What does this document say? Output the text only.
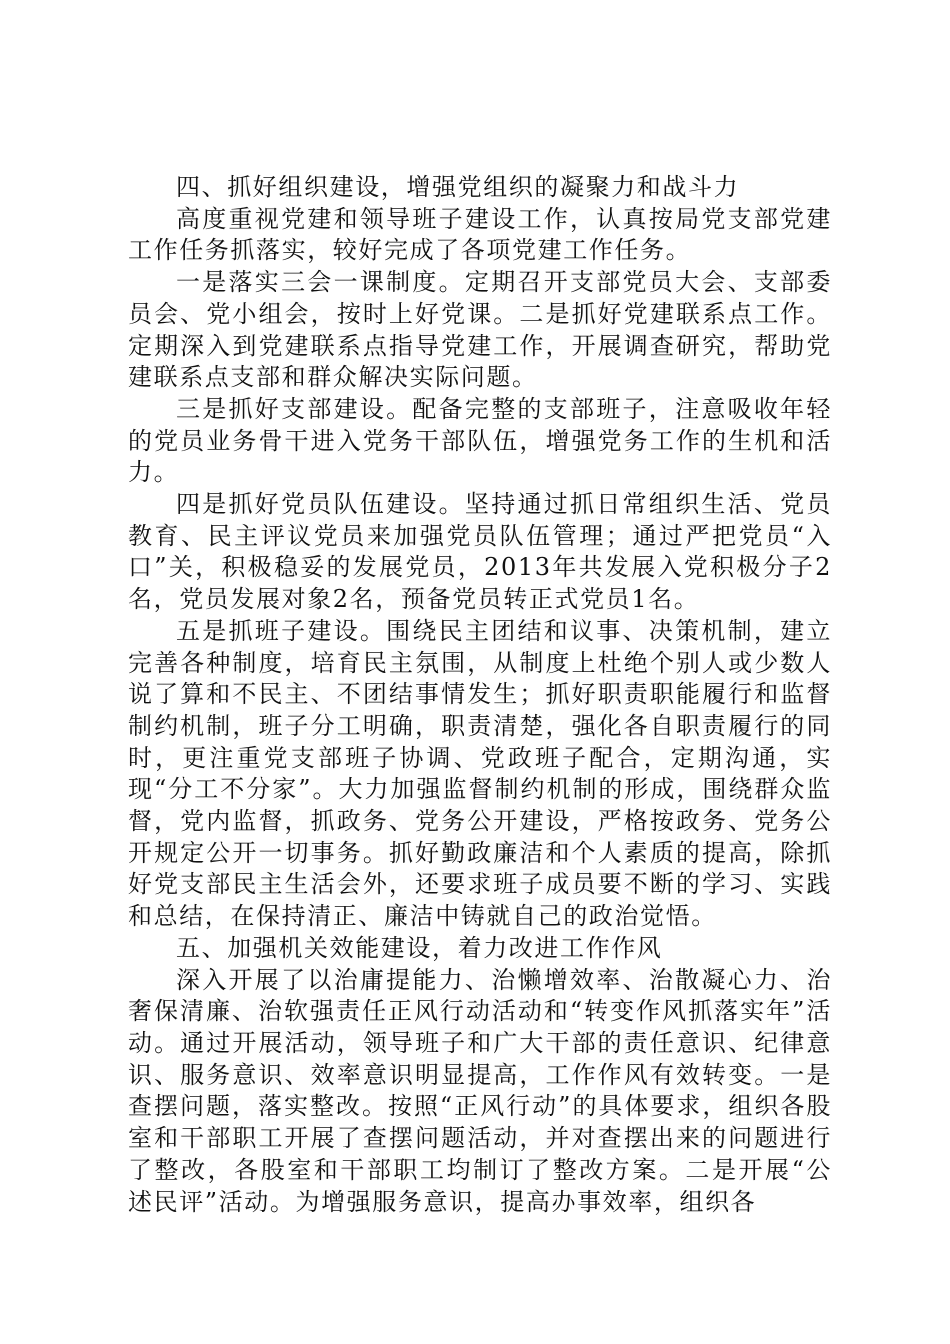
四、抓好组织建设，增强党组织的凝聚力和战斗力

高度重视党建和领导班子建设工作，认真按局党支部党建工作任务抓落实，较好完成了各项党建工作任务。

一是落实三会一课制度。定期召开支部党员大会、支部委员会、党小组会，按时上好党课。二是抓好党建联系点工作。定期深入到党建联系点指导党建工作，开展调查研究，帮助党建联系点支部和群众解决实际问题。

三是抓好支部建设。配备完整的支部班子，注意吸收年轻的党员业务骨干进入党务干部队伍，增强党务工作的生机和活力。

四是抓好党员队伍建设。坚持通过抓日常组织生活、党员教育、民主评议党员来加强党员队伍管理；通过严把党员“入口”关，积极稳妥的发展党员，2013年共发展入党积极分子2名，党员发展对象2名，预备党员转正式党员1名。

五是抓班子建设。围绕民主团结和议事、决策机制，建立完善各种制度，培育民主氛围，从制度上杜绝个别人或少数人说了算和不民主、不团结事情发生；抓好职责职能履行和监督制约机制，班子分工明确，职责清楚，强化各自职责履行的同时，更注重党支部班子协调、党政班子配合，定期沟通，实现“分工不分家”。大力加强监督制约机制的形成，围绕群众监督，党内监督，抓政务、党务公开建设，严格按政务、党务公开规定公开一切事务。抓好勤政廉洁和个人素质的提高，除抓好党支部民主生活会外，还要求班子成员要不断的学习、实践和总结，在保持清正、廉洁中铸就自己的政治觉悟。

五、加强机关效能建设，着力改进工作作风

深入开展了以治庸提能力、治懒增效率、治散凝心力、治奢保清廉、治软强责任正风行动活动和“转变作风抓落实年”活动。通过开展活动，领导班子和广大干部的责任意识、纪律意识、服务意识、效率意识明显提高，工作作风有效转变。一是查摆问题，落实整改。按照“正风行动”的具体要求，组织各股室和干部职工开展了查摆问题活动，并对查摆出来的问题进行了整改，各股室和干部职工均制订了整改方案。二是开展“公述民评”活动。为增强服务意识，提高办事效率，组织各
